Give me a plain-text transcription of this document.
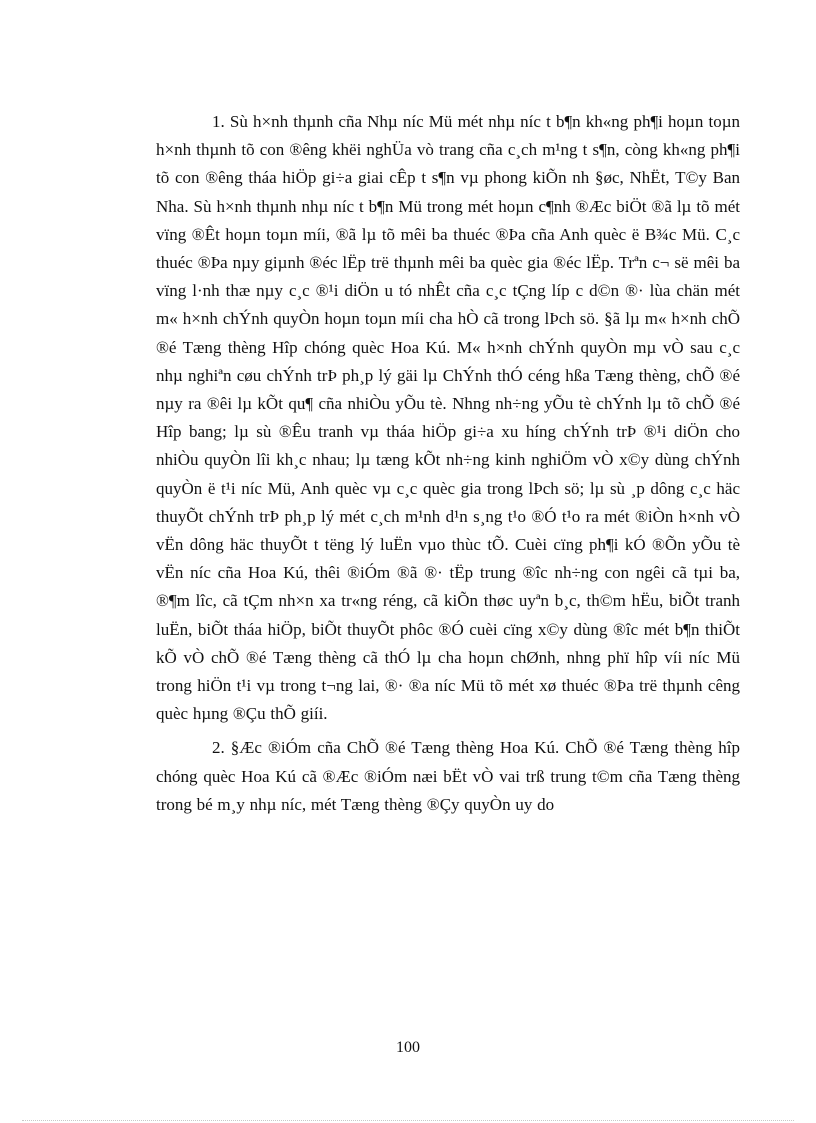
1. Sù h×nh thµnh cña Nhµ níc Mü mét nhµ níc t b¶n kh«ng ph¶i hoµn toµn h×nh thµnh tõ con ®êng khëi nghÜa vò trang cña c¸ch m¹ng t s¶n, còng kh«ng ph¶i tõ con ®êng tháa hiÖp gi÷a giai cÊp t s¶n vµ phong kiÕn nh §øc, NhËt, T©y Ban Nha. Sù h×nh thµnh nhµ níc t b¶n Mü trong mét hoµn c¶nh ®Æc biÖt ®ã lµ tõ mét vïng ®Êt hoµn toµn míi, ®ã lµ tõ mêi ba thuéc ®Þa cña Anh quèc ë B¾c Mü. C¸c thuéc ®Þa nµy giµnh ®éc lËp trë thµnh mêi ba quèc gia ®éc lËp. Trªn c¬ së mêi ba vïng l·nh thæ nµy c¸c ®¹i diÖn u tó nhÊt cña c¸c tÇng líp c d©n ®· lùa chän mét m« h×nh chÝnh quyÒn hoµn toµn míi cha hÒ cã trong lÞch sö. §ã lµ m« h×nh chÕ ®é Tæng thèng Hîp chóng quèc Hoa Kú. M« h×nh chÝnh quyÒn mµ vÒ sau c¸c nhµ nghiªn cøu chÝnh trÞ ph¸p lý gäi lµ ChÝnh thÓ céng hßa Tæng thèng, chÕ ®é nµy ra ®êi lµ kÕt qu¶ cña nhiÒu yÕu tè. Nhng nh÷ng yÕu tè chÝnh lµ tõ chÕ ®é Hîp bang; lµ sù ®Êu tranh vµ tháa hiÖp gi÷a xu híng chÝnh trÞ ®¹i diÖn cho nhiÒu quyÒn lîi kh¸c nhau; lµ tæng kÕt nh÷ng kinh nghiÖm vÒ x©y dùng chÝnh quyÒn ë t¹i níc Mü, Anh quèc vµ c¸c quèc gia trong lÞch sö; lµ sù ¸p dông c¸c häc thuyÕt chÝnh trÞ ph¸p lý mét c¸ch m¹nh d¹n s¸ng t¹o ®Ó t¹o ra mét ®iÒn h×nh vÒ vËn dông häc thuyÕt t tëng lý luËn vµo thùc tÕ. Cuèi cïng ph¶i kÓ ®Õn yÕu tè vËn níc cña Hoa Kú, thêi ®iÓm ®ã ®· tËp trung ®îc nh÷ng con ngêi cã tµi ba, ®¶m lîc, cã tÇm nh×n xa tr«ng réng, cã kiÕn thøc uyªn b¸c, th©m hËu, biÕt tranh luËn, biÕt tháa hiÖp, biÕt thuyÕt phôc ®Ó cuèi cïng x©y dùng ®îc mét b¶n thiÕt kÕ vÒ chÕ ®é Tæng thèng cã thÓ lµ cha hoµn chØnh, nhng phï hîp víi níc Mü trong hiÖn t¹i vµ trong t¬ng lai, ®· ®a níc Mü tõ mét xø thuéc ®Þa trë thµnh cêng quèc hµng ®Çu thÕ giíi.

2. §Æc ®iÓm cña ChÕ ®é Tæng thèng Hoa Kú. ChÕ ®é Tæng thèng hîp chóng quèc Hoa Kú cã ®Æc ®iÓm næi bËt vÒ vai trß trung t©m cña Tæng thèng trong bé m¸y nhµ níc, mét Tæng thèng ®Çy quyÒn uy do

100
